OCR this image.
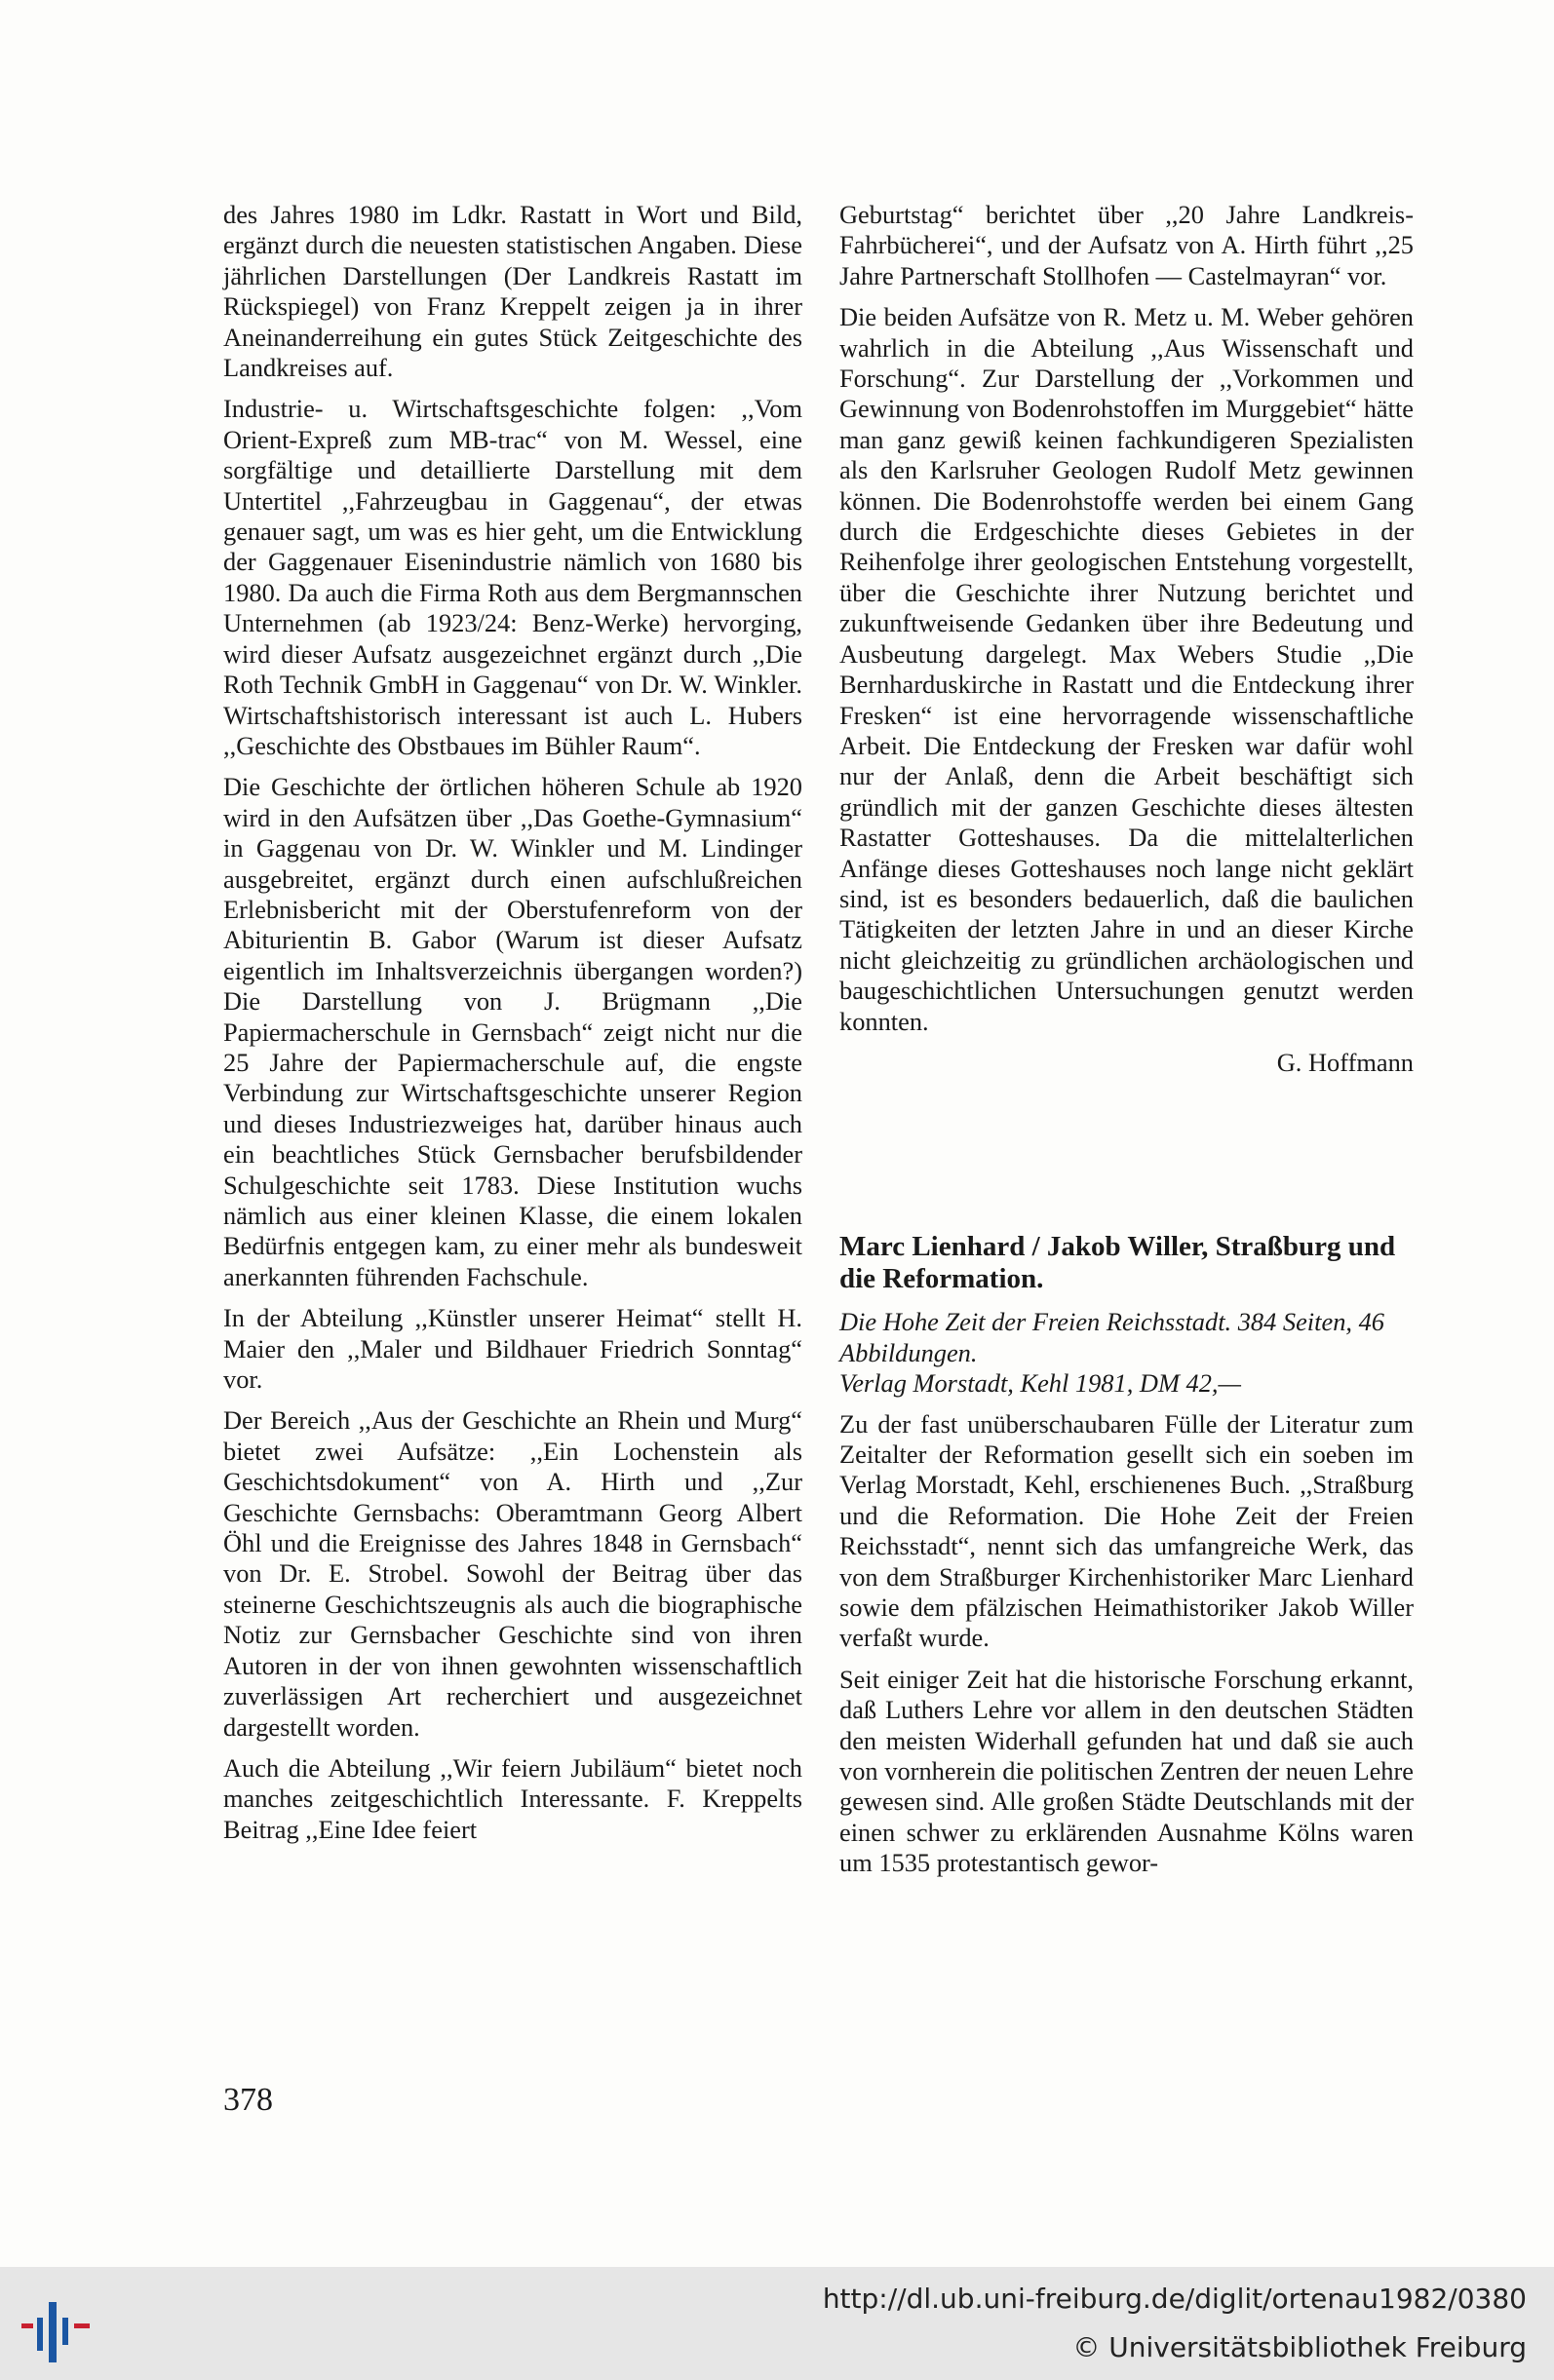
des Jahres 1980 im Ldkr. Rastatt in Wort und Bild, ergänzt durch die neuesten statistischen Angaben. Diese jährlichen Darstellungen (Der Landkreis Rastatt im Rückspiegel) von Franz Kreppelt zeigen ja in ihrer Aneinanderreihung ein gutes Stück Zeitgeschichte des Landkreises auf.

Industrie- u. Wirtschaftsgeschichte folgen: ,,Vom Orient-Expreß zum MB-trac“ von M. Wessel, eine sorgfältige und detaillierte Darstellung mit dem Untertitel ,,Fahrzeugbau in Gaggenau“, der etwas genauer sagt, um was es hier geht, um die Entwicklung der Gaggenauer Eisenindustrie nämlich von 1680 bis 1980. Da auch die Firma Roth aus dem Bergmannschen Unternehmen (ab 1923/24: Benz-Werke) hervorging, wird dieser Aufsatz ausgezeichnet ergänzt durch ,,Die Roth Technik GmbH in Gaggenau“ von Dr. W. Winkler. Wirtschaftshistorisch interessant ist auch L. Hubers ,,Geschichte des Obstbaues im Bühler Raum“.

Die Geschichte der örtlichen höheren Schule ab 1920 wird in den Aufsätzen über ,,Das Goethe-Gymnasium“ in Gaggenau von Dr. W. Winkler und M. Lindinger ausgebreitet, ergänzt durch einen aufschlußreichen Erlebnisbericht mit der Oberstufenreform von der Abiturientin B. Gabor (Warum ist dieser Aufsatz eigentlich im Inhaltsverzeichnis übergangen worden?) Die Darstellung von J. Brügmann ,,Die Papiermacherschule in Gernsbach“ zeigt nicht nur die 25 Jahre der Papiermacherschule auf, die engste Verbindung zur Wirtschaftsgeschichte unserer Region und dieses Industriezweiges hat, darüber hinaus auch ein beachtliches Stück Gernsbacher berufsbildender Schulgeschichte seit 1783. Diese Institution wuchs nämlich aus einer kleinen Klasse, die einem lokalen Bedürfnis entgegen kam, zu einer mehr als bundesweit anerkannten führenden Fachschule.

In der Abteilung ,,Künstler unserer Heimat“ stellt H. Maier den ,,Maler und Bildhauer Friedrich Sonntag“ vor.

Der Bereich ,,Aus der Geschichte an Rhein und Murg“ bietet zwei Aufsätze: ,,Ein Lochenstein als Geschichtsdokument“ von A. Hirth und ,,Zur Geschichte Gernsbachs: Oberamtmann Georg Albert Öhl und die Ereignisse des Jahres 1848 in Gernsbach“ von Dr. E. Strobel. Sowohl der Beitrag über das steinerne Geschichtszeugnis als auch die biographische Notiz zur Gernsbacher Geschichte sind von ihren Autoren in der von ihnen gewohnten wissenschaftlich zuverlässigen Art recherchiert und ausgezeichnet dargestellt worden.

Auch die Abteilung ,,Wir feiern Jubiläum“ bietet noch manches zeitgeschichtlich Interessante. F. Kreppelts Beitrag ,,Eine Idee feiert

Geburtstag“ berichtet über ,,20 Jahre Landkreis-Fahrbücherei“, und der Aufsatz von A. Hirth führt ,,25 Jahre Partnerschaft Stollhofen — Castelmayran“ vor.

Die beiden Aufsätze von R. Metz u. M. Weber gehören wahrlich in die Abteilung ,,Aus Wissenschaft und Forschung“. Zur Darstellung der ,,Vorkommen und Gewinnung von Bodenrohstoffen im Murggebiet“ hätte man ganz gewiß keinen fachkundigeren Spezialisten als den Karlsruher Geologen Rudolf Metz gewinnen können. Die Bodenrohstoffe werden bei einem Gang durch die Erdgeschichte dieses Gebietes in der Reihenfolge ihrer geologischen Entstehung vorgestellt, über die Geschichte ihrer Nutzung berichtet und zukunftweisende Gedanken über ihre Bedeutung und Ausbeutung dargelegt. Max Webers Studie ,,Die Bernharduskirche in Rastatt und die Entdeckung ihrer Fresken“ ist eine hervorragende wissenschaftliche Arbeit. Die Entdeckung der Fresken war dafür wohl nur der Anlaß, denn die Arbeit beschäftigt sich gründlich mit der ganzen Geschichte dieses ältesten Rastatter Gotteshauses. Da die mittelalterlichen Anfänge dieses Gotteshauses noch lange nicht geklärt sind, ist es besonders bedauerlich, daß die baulichen Tätigkeiten der letzten Jahre in und an dieser Kirche nicht gleichzeitig zu gründlichen archäologischen und baugeschichtlichen Untersuchungen genutzt werden konnten.

G. Hoffmann

Marc Lienhard / Jakob Willer, Straßburg und die Reformation.
Die Hohe Zeit der Freien Reichsstadt. 384 Seiten, 46 Abbildungen.
Verlag Morstadt, Kehl 1981, DM 42,—

Zu der fast unüberschaubaren Fülle der Literatur zum Zeitalter der Reformation gesellt sich ein soeben im Verlag Morstadt, Kehl, erschienenes Buch. ,,Straßburg und die Reformation. Die Hohe Zeit der Freien Reichsstadt“, nennt sich das umfangreiche Werk, das von dem Straßburger Kirchenhistoriker Marc Lienhard sowie dem pfälzischen Heimathistoriker Jakob Willer verfaßt wurde.

Seit einiger Zeit hat die historische Forschung erkannt, daß Luthers Lehre vor allem in den deutschen Städten den meisten Widerhall gefunden hat und daß sie auch von vornherein die politischen Zentren der neuen Lehre gewesen sind. Alle großen Städte Deutschlands mit der einen schwer zu erklärenden Ausnahme Kölns waren um 1535 protestantisch gewor-

378
http://dl.ub.uni-freiburg.de/diglit/ortenau1982/0380
© Universitätsbibliothek Freiburg
